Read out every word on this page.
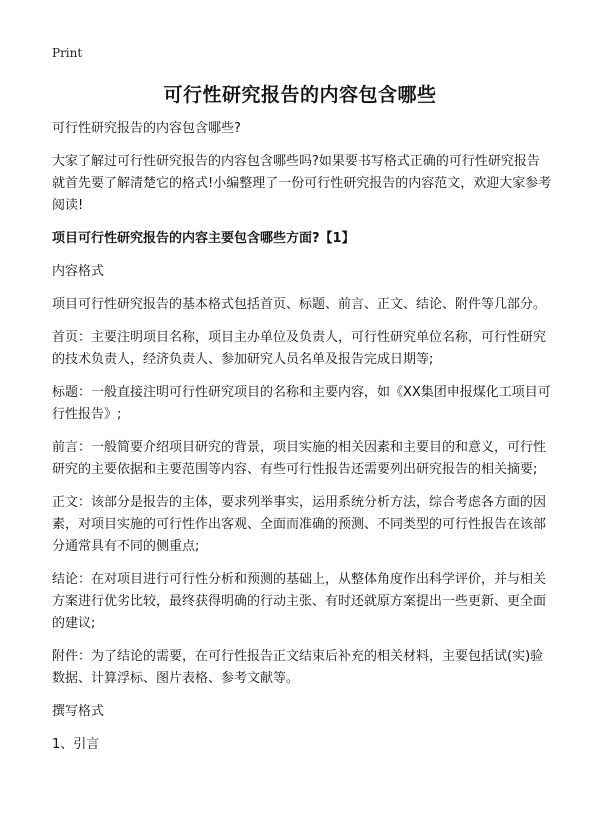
Print
可行性研究报告的内容包含哪些

可行性研究报告的内容包含哪些?

大家了解过可行性研究报告的内容包含哪些吗?如果要书写格式正确的可行性研究报告就首先要了解清楚它的格式!小编整理了一份可行性研究报告的内容范文，欢迎大家参考阅读!

项目可行性研究报告的内容主要包含哪些方面?【1】

内容格式

项目可行性研究报告的基本格式包括首页、标题、前言、正文、结论、附件等几部分。

首页：主要注明项目名称，项目主办单位及负责人，可行性研究单位名称，可行性研究的技术负责人，经济负责人、参加研究人员名单及报告完成日期等;

标题：一般直接注明可行性研究项目的名称和主要内容，如《XX集团申报煤化工项目可行性报告》;

前言：一般简要介绍项目研究的背景，项目实施的相关因素和主要目的和意义，可行性研究的主要依据和主要范围等内容、有些可行性报告还需要列出研究报告的相关摘要;

正文：该部分是报告的主体，要求列举事实，运用系统分析方法，综合考虑各方面的因素，对项目实施的可行性作出客观、全面而准确的预测、不同类型的可行性报告在该部分通常具有不同的侧重点;

结论：在对项目进行可行性分析和预测的基础上，从整体角度作出科学评价，并与相关方案进行优劣比较，最终获得明确的行动主张、有时还就原方案提出一些更新、更全面的建议;

附件：为了结论的需要，在可行性报告正文结束后补充的相关材料，主要包括试(实)验数据、计算浮标、图片表格、参考文献等。

撰写格式

1、引言
